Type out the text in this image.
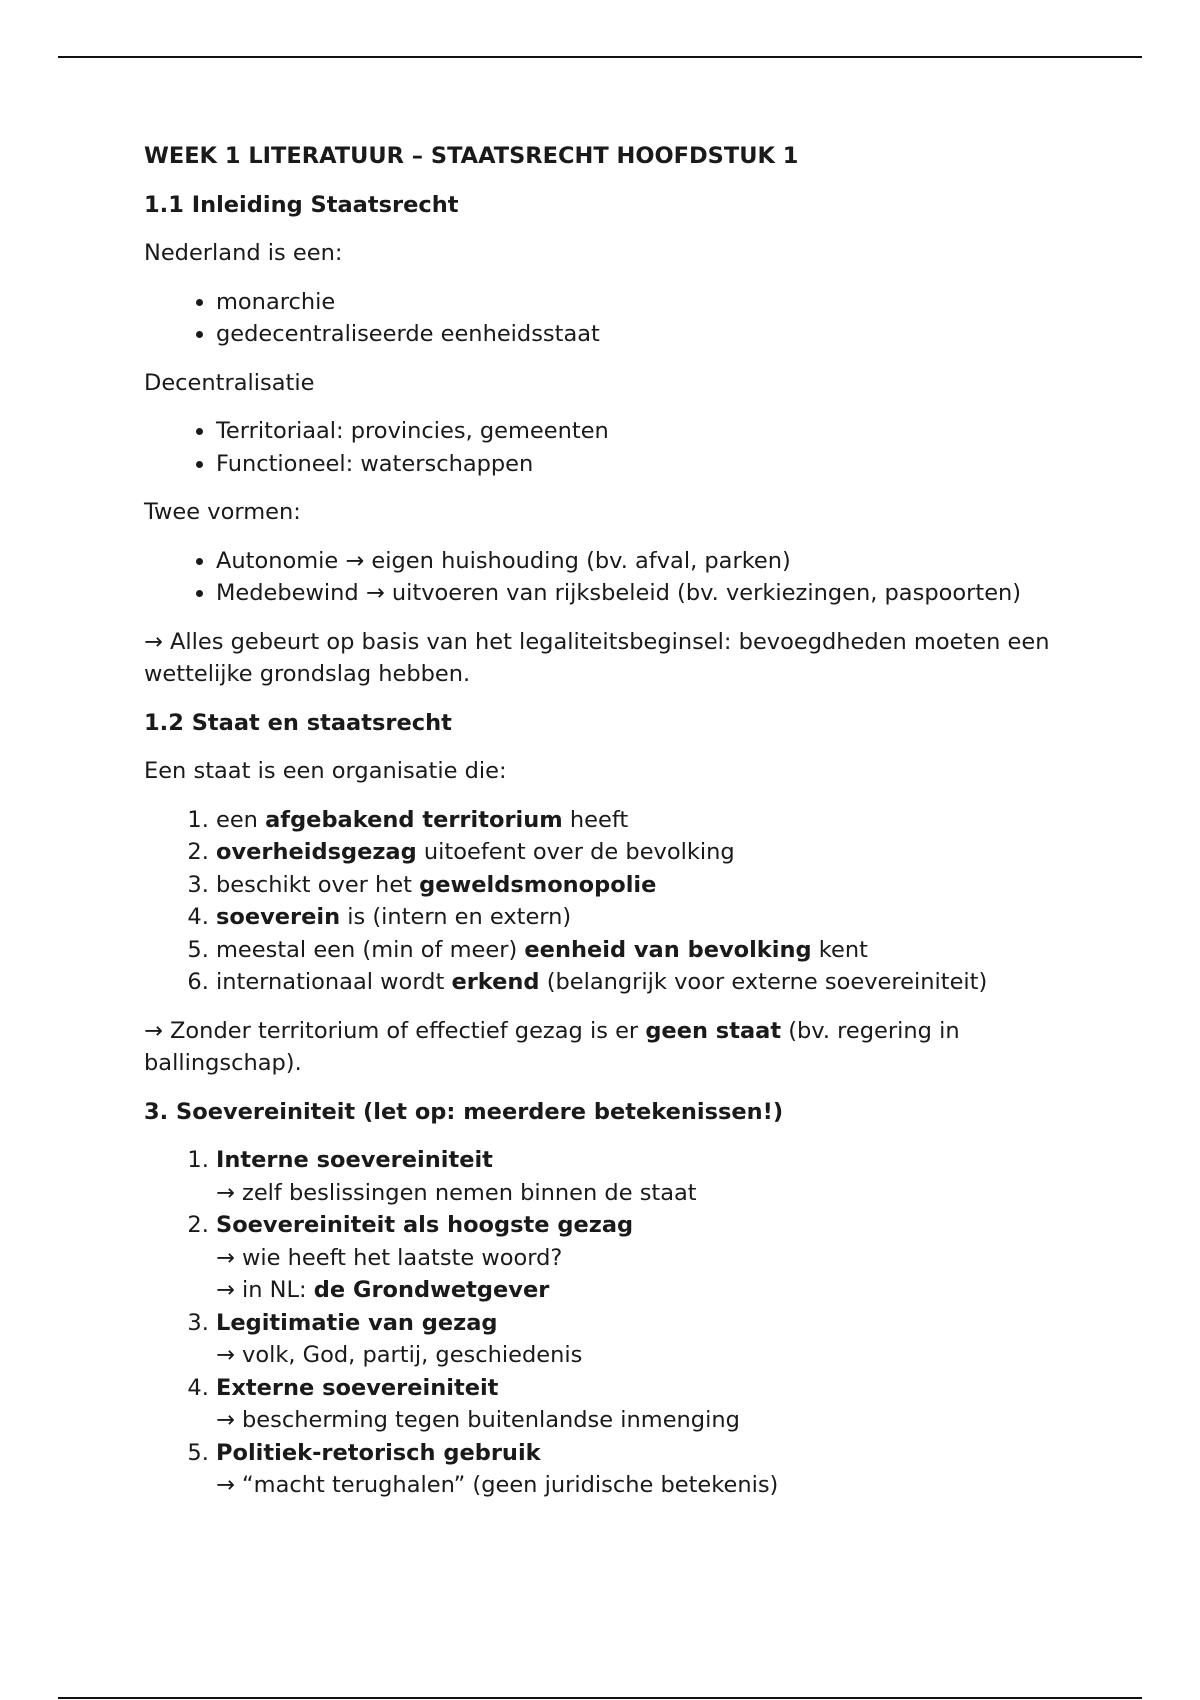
WEEK 1 LITERATUUR – STAATSRECHT HOOFDSTUK 1
1.1 Inleiding Staatsrecht
Nederland is een:
• monarchie
• gedecentraliseerde eenheidsstaat
Decentralisatie
• Territoriaal: provincies, gemeenten
• Functioneel: waterschappen
Twee vormen:
• Autonomie → eigen huishouding (bv. afval, parken)
• Medebewind → uitvoeren van rijksbeleid (bv. verkiezingen, paspoorten)
→ Alles gebeurt op basis van het legaliteitsbeginsel: bevoegdheden moeten een wettelijke grondslag hebben.
1.2 Staat en staatsrecht
Een staat is een organisatie die:
1. een afgebakend territorium heeft
2. overheidsgezag uitoefent over de bevolking
3. beschikt over het geweldsmonopolie
4. soeverein is (intern en extern)
5. meestal een (min of meer) eenheid van bevolking kent
6. internationaal wordt erkend (belangrijk voor externe soevereiniteit)
→ Zonder territorium of effectief gezag is er geen staat (bv. regering in ballingschap).
3. Soevereiniteit (let op: meerdere betekenissen!)
1. Interne soevereiniteit
→ zelf beslissingen nemen binnen de staat
2. Soevereiniteit als hoogste gezag
→ wie heeft het laatste woord?
→ in NL: de Grondwetgever
3. Legitimatie van gezag
→ volk, God, partij, geschiedenis
4. Externe soevereiniteit
→ bescherming tegen buitenlandse inmenging
5. Politiek-retorisch gebruik
→ “macht terughalen” (geen juridische betekenis)
